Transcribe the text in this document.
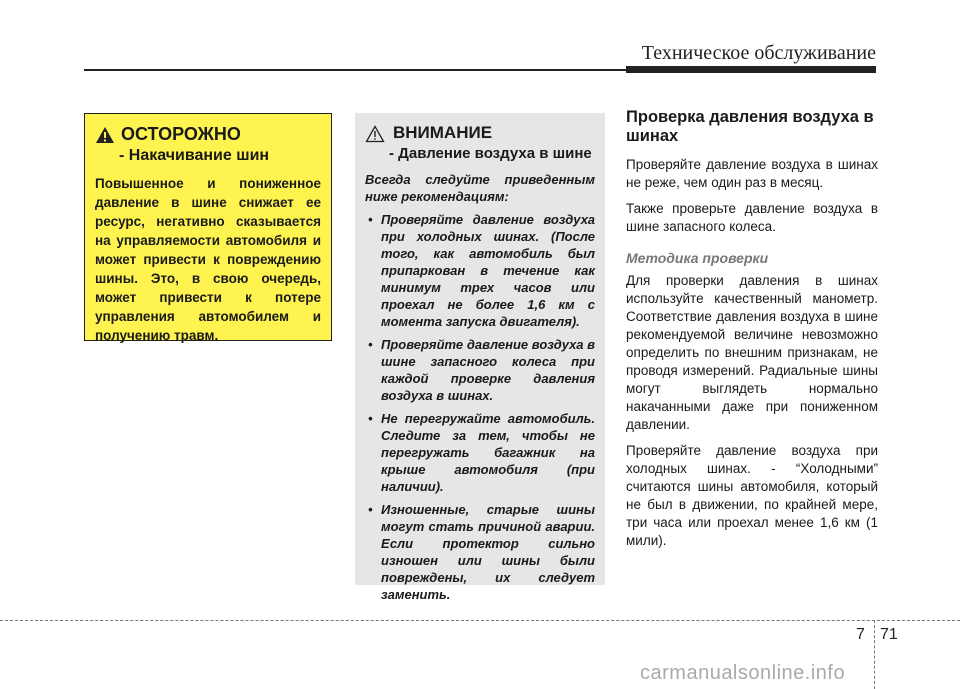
Техническое обслуживание
ОСТОРОЖНО
- Накачивание шин

Повышенное и пониженное давление в шине снижает ее ресурс, негативно сказывается на управляемости автомобиля и может привести к повреждению шины. Это, в свою очередь, может привести к потере управления автомобилем и получению травм.

ВНИМАНИЕ
- Давление воздуха в шине

Всегда следуйте приведенным ниже рекомендациям:

• Проверяйте давление воздуха при холодных шинах. (После того, как автомобиль был припаркован в течение как минимум трех часов или проехал не более 1,6 км с момента запуска двигателя).
• Проверяйте давление воздуха в шине запасного колеса при каждой проверке давления воздуха в шинах.
• Не перегружайте автомобиль. Следите за тем, чтобы не перегружать багажник на крыше автомобиля (при наличии).
• Изношенные, старые шины могут стать причиной аварии. Если протектор сильно изношен или шины были повреждены, их следует заменить.
Проверка давления воздуха в шинах

Проверяйте давление воздуха в шинах не реже, чем один раз в месяц.

Также проверьте давление воздуха в шине запасного колеса.

Методика проверки

Для проверки давления в шинах используйте качественный манометр. Соответствие давления воздуха в шине рекомендуемой величине невозможно определить по внешним признакам, не проводя измерений. Радиальные шины могут выглядеть нормально накачанными даже при пониженном давлении.

Проверяйте давление воздуха при холодных шинах. - “Холодными” считаются шины автомобиля, который не был в движении, по крайней мере, три часа или проехал менее 1,6 км (1 мили).

7 71
carmanualsonline.info
